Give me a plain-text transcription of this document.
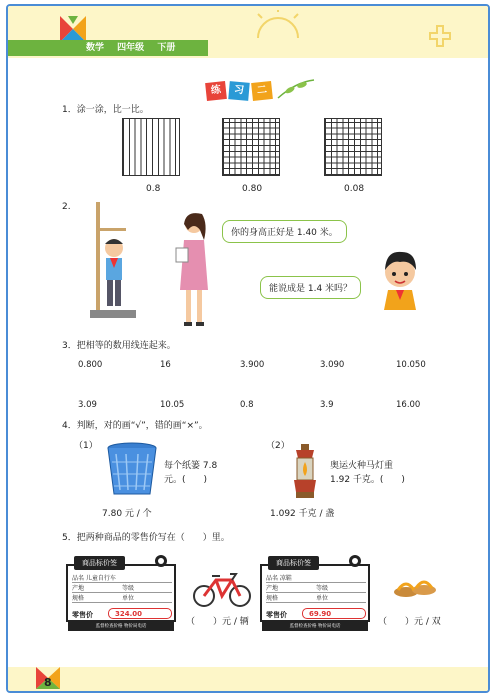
数学 四年级 下册
练	习	二
1．涂一涂，比一比。
0.8	0.80	0.08
2.
你的身高正好是 1.40 米。
能说成是 1.4 米吗？
3．把相等的数用线连起来。
0.800	16	3.900	3.090	10.050
3.09	10.05	0.8	3.9	16.00
4．判断，对的画“√”，错的画“×”。
（1）
每个纸篓 7.8
元。(　　)
7.80 元 / 个
（2）
奥运火种马灯重
1.92 千克。(　　)
1.092 千克 / 盏
5．把两种商品的零售价写在（　　）里。
商品标价签
品名 儿童自行车
产地	等级
规格	单位
零售价	324.00
监督检查价格 物价局电话	（　　）元 / 辆
商品标价签
品名 凉鞋
产地	等级
规格	单位
零售价	69.90
监督检查价格 物价局电话	（　　）元 / 双
8
